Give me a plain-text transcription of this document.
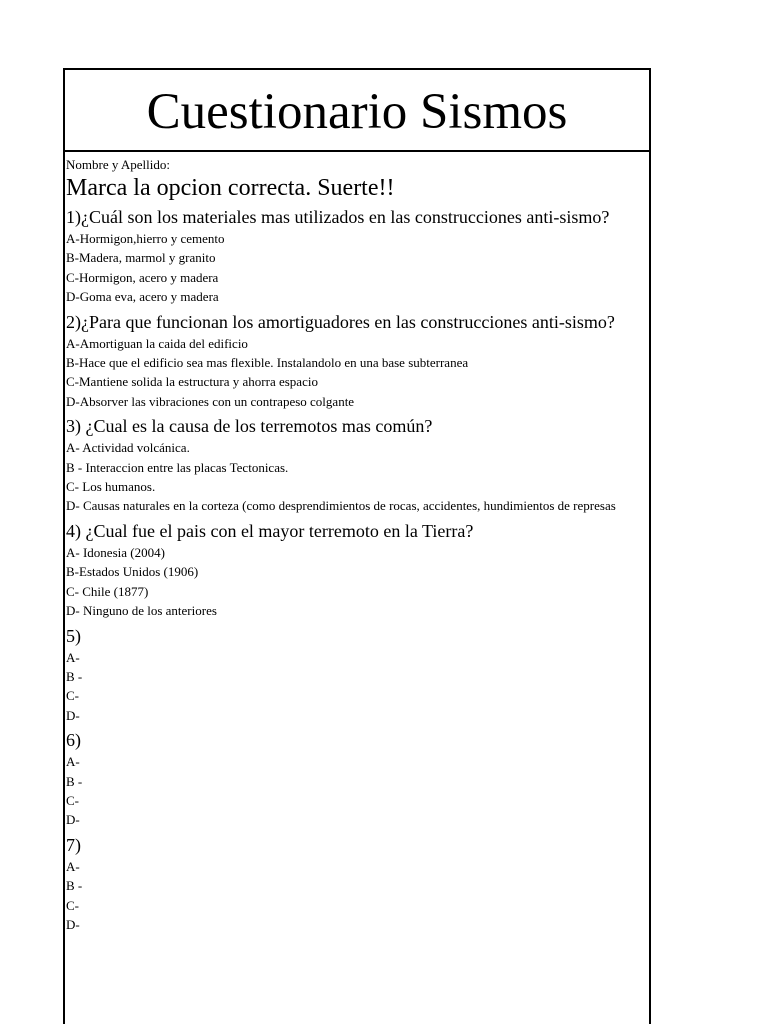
Cuestionario Sismos
Nombre y Apellido:
Marca la opcion correcta. Suerte!!
1)¿Cuál son los materiales mas utilizados en las construcciones anti-sismo?
A-Hormigon,hierro y cemento
B-Madera, marmol y granito
C-Hormigon, acero y madera
D-Goma eva, acero y madera
2)¿Para que funcionan los amortiguadores en las construcciones anti-sismo?
A-Amortiguan la caida del edificio
B-Hace que el edificio sea mas flexible. Instalandolo en una base subterranea
C-Mantiene solida la estructura y ahorra espacio
D-Absorver las vibraciones con un contrapeso colgante
3) ¿Cual es la causa de los terremotos mas común?
A- Actividad volcánica.
B - Interaccion entre las placas Tectonicas.
C- Los humanos.
D- Causas naturales en la corteza (como desprendimientos de rocas, accidentes, hundimientos de represas
4) ¿Cual fue el pais con el mayor terremoto en la Tierra?
A- Idonesia (2004)
B-Estados Unidos (1906)
C- Chile (1877)
D- Ninguno de los anteriores
5)
A-
B -
C-
D-
6)
A-
B -
C-
D-
7)
A-
B -
C-
D-
